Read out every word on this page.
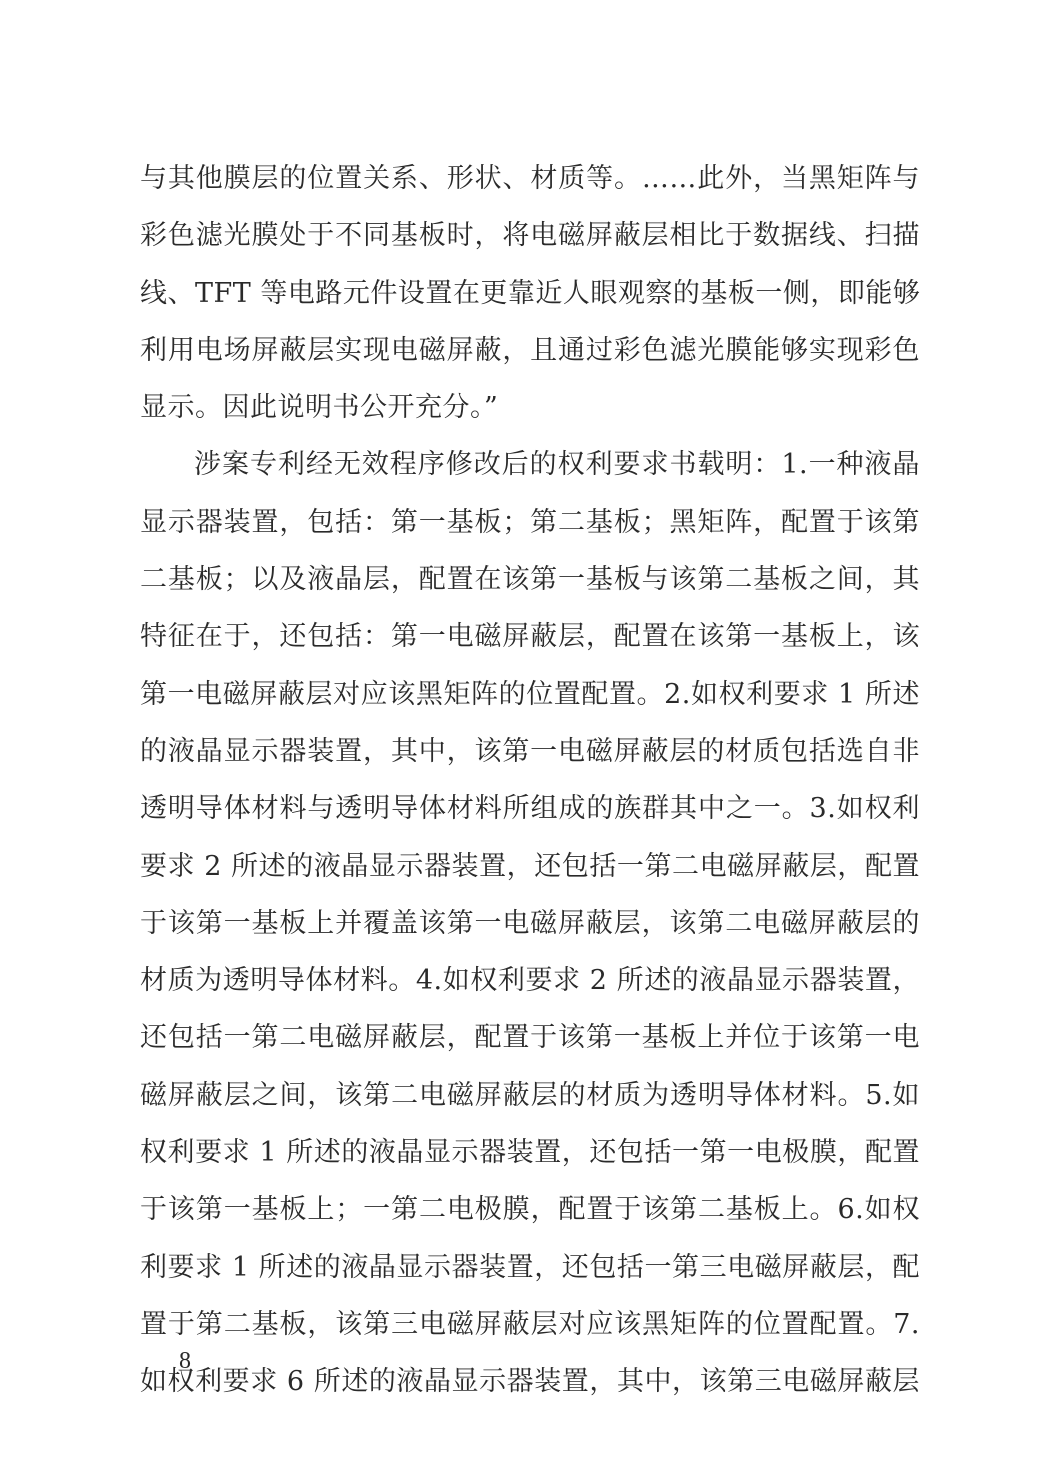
与其他膜层的位置关系、形状、材质等。……此外，当黑矩阵与
彩色滤光膜处于不同基板时，将电磁屏蔽层相比于数据线、扫描
线、TFT 等电路元件设置在更靠近人眼观察的基板一侧，即能够
利用电场屏蔽层实现电磁屏蔽，且通过彩色滤光膜能够实现彩色
显示。因此说明书公开充分。”
涉案专利经无效程序修改后的权利要求书载明：1.一种液晶
显示器装置，包括：第一基板；第二基板；黑矩阵，配置于该第
二基板；以及液晶层，配置在该第一基板与该第二基板之间，其
特征在于，还包括：第一电磁屏蔽层，配置在该第一基板上，该
第一电磁屏蔽层对应该黑矩阵的位置配置。2.如权利要求 1 所述
的液晶显示器装置，其中，该第一电磁屏蔽层的材质包括选自非
透明导体材料与透明导体材料所组成的族群其中之一。3.如权利
要求 2 所述的液晶显示器装置，还包括一第二电磁屏蔽层，配置
于该第一基板上并覆盖该第一电磁屏蔽层，该第二电磁屏蔽层的
材质为透明导体材料。4.如权利要求 2 所述的液晶显示器装置，
还包括一第二电磁屏蔽层，配置于该第一基板上并位于该第一电
磁屏蔽层之间，该第二电磁屏蔽层的材质为透明导体材料。5.如
权利要求 1 所述的液晶显示器装置，还包括一第一电极膜，配置
于该第一基板上；一第二电极膜，配置于该第二基板上。6.如权
利要求 1 所述的液晶显示器装置，还包括一第三电磁屏蔽层，配
置于第二基板，该第三电磁屏蔽层对应该黑矩阵的位置配置。7.
如权利要求 6 所述的液晶显示器装置，其中，该第三电磁屏蔽层
8
